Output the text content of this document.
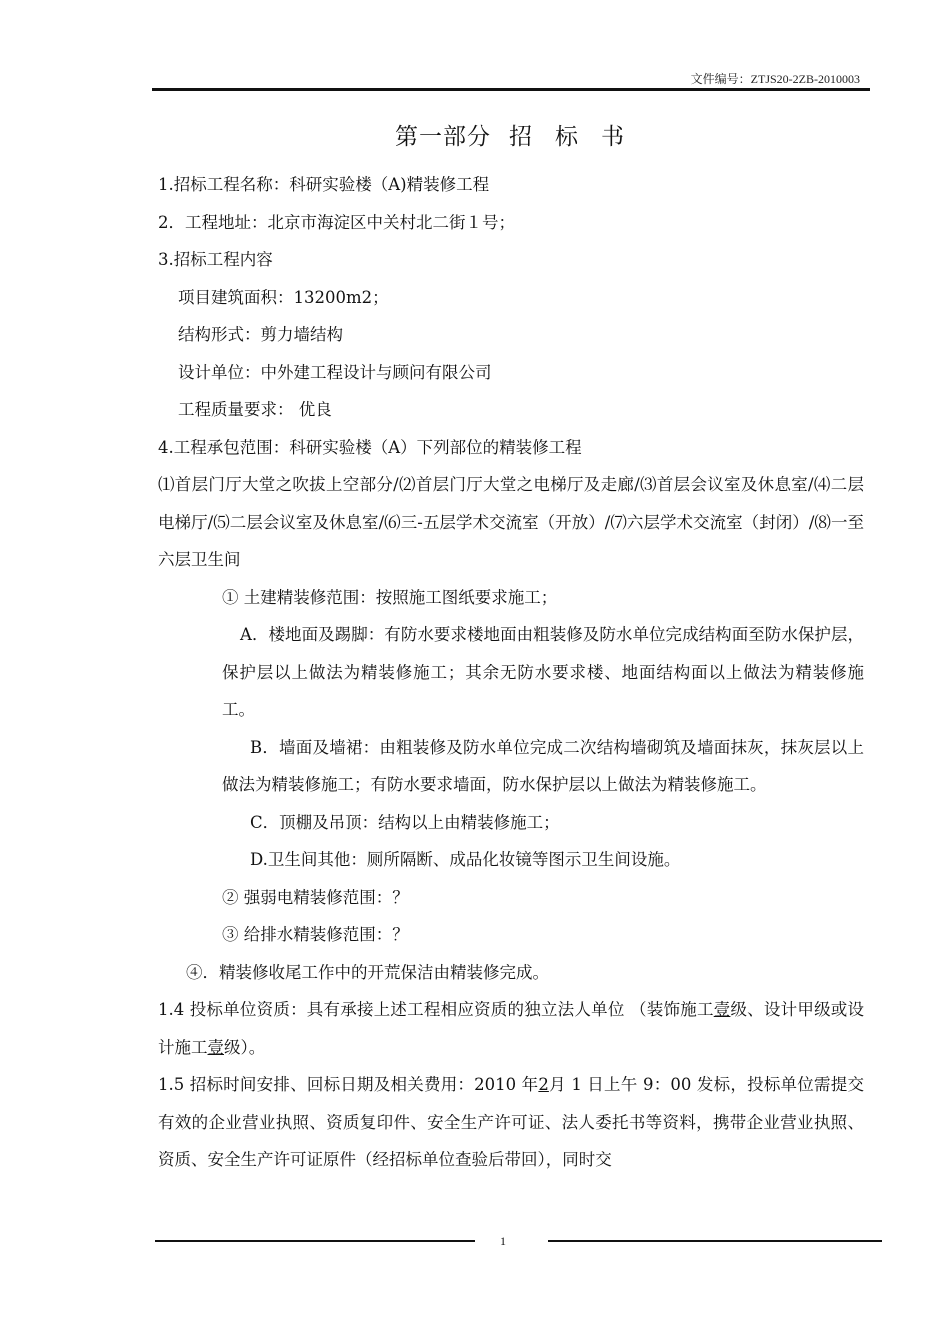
文件编号：ZTJS20-2ZB-2010003
第一部分 招 标 书
1.招标工程名称：科研实验楼（A)精装修工程
2．工程地址：北京市海淀区中关村北二街１号；
3.招标工程内容
项目建筑面积：13200m2；
结构形式：剪力墙结构
设计单位：中外建工程设计与顾问有限公司
工程质量要求： 优良
4.工程承包范围：科研实验楼（A）下列部位的精装修工程
⑴首层门厅大堂之吹拔上空部分/⑵首层门厅大堂之电梯厅及走廊/⑶首层会议室及休息室/⑷二层电梯厅/⑸二层会议室及休息室/⑹三-五层学术交流室（开放）/⑺六层学术交流室（封闭）/⑻一至六层卫生间
① 土建精装修范围：按照施工图纸要求施工；
A．楼地面及踢脚：有防水要求楼地面由粗装修及防水单位完成结构面至防水保护层，保护层以上做法为精装修施工；其余无防水要求楼、地面结构面以上做法为精装修施工。
B．墙面及墙裙：由粗装修及防水单位完成二次结构墙砌筑及墙面抹灰，抹灰层以上做法为精装修施工；有防水要求墙面，防水保护层以上做法为精装修施工。
C．顶棚及吊顶：结构以上由精装修施工；
D.卫生间其他：厕所隔断、成品化妆镜等图示卫生间设施。
② 强弱电精装修范围：？
③ 给排水精装修范围：？
④．精装修收尾工作中的开荒保洁由精装修完成。
1.4 投标单位资质：具有承接上述工程相应资质的独立法人单位 （装饰施工壹级、设计甲级或设计施工壹级）。
1.5 招标时间安排、回标日期及相关费用：2010 年2月 1 日上午 9：00 发标，投标单位需提交有效的企业营业执照、资质复印件、安全生产许可证、法人委托书等资料，携带企业营业执照、资质、安全生产许可证原件（经招标单位查验后带回），同时交
1
